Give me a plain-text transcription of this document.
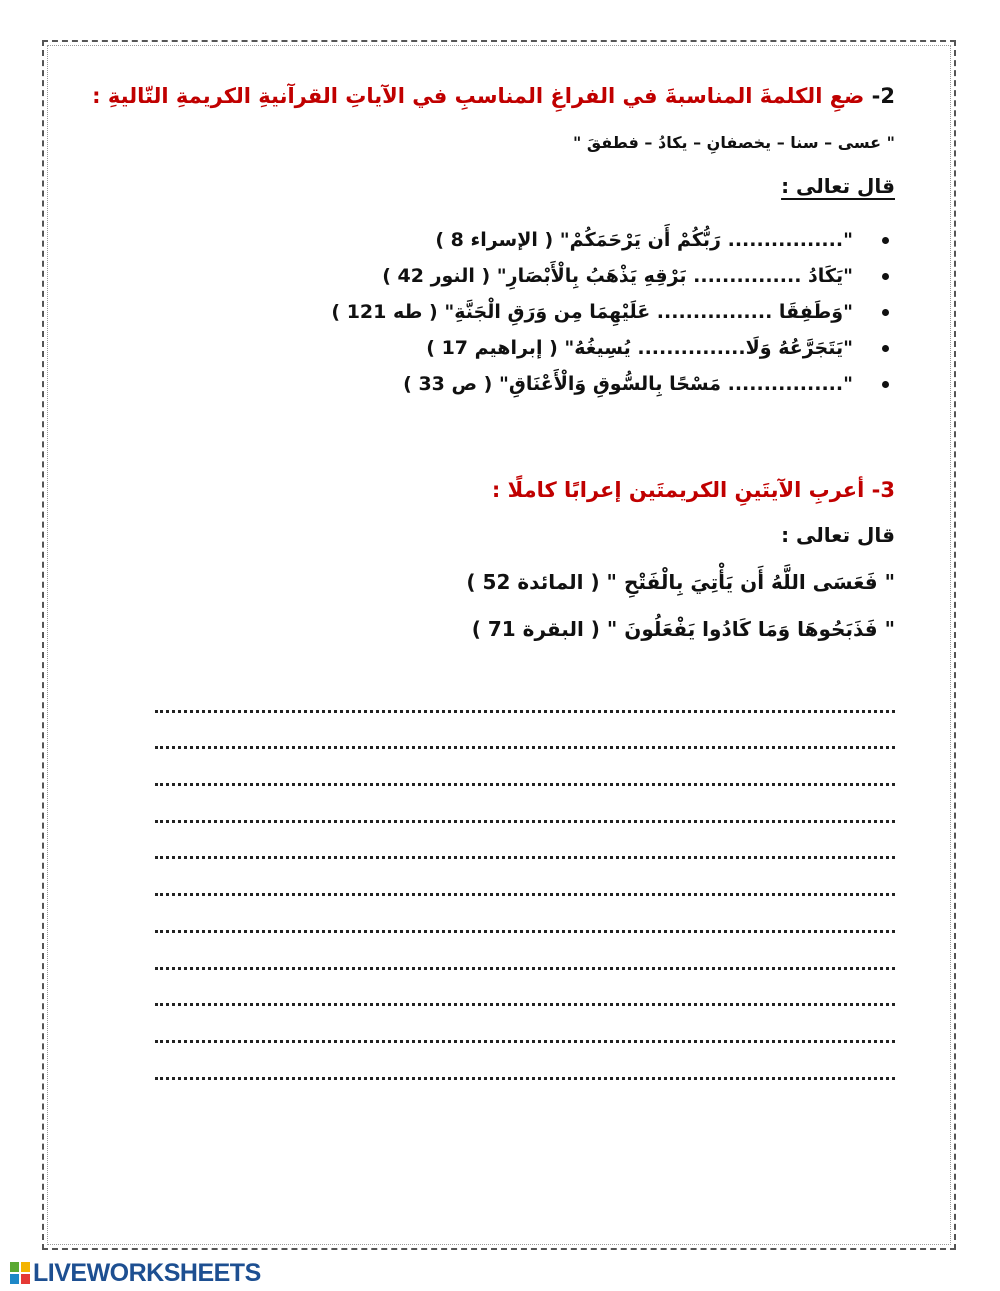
2- ضعِ الكلمةَ المناسبةَ في الفراغِ المناسبِ في الآياتِ القرآنيةِ الكريمةِ التّاليةِ :
" عسى – سنا – يخصفانِ – يكادُ – فطفقَ "
قال تعالى :
"................ رَبُّكُمْ أَن يَرْحَمَكُمْ" ( الإسراء 8 )
"يَكَادُ ............... بَرْقِهِ يَذْهَبُ بِالْأَبْصَارِ" ( النور 42 )
"وَطَفِقَا ................ عَلَيْهِمَا مِن وَرَقِ الْجَنَّةِ" ( طه 121 )
"يَتَجَرَّعُهُ وَلَا............... يُسِيغُهُ" ( إبراهيم 17 )
"................ مَسْحًا بِالسُّوقِ وَالْأَعْنَاقِ" ( ص 33 )
3- أعربِ الآيتَينِ الكريمتَين إعرابًا كاملًا :
قال تعالى :
" فَعَسَى اللَّهُ أَن يَأْتِيَ بِالْفَتْحِ " ( المائدة 52 )
" فَذَبَحُوهَا وَمَا كَادُوا يَفْعَلُونَ " ( البقرة 71 )
LIVEWORKSHEETS
